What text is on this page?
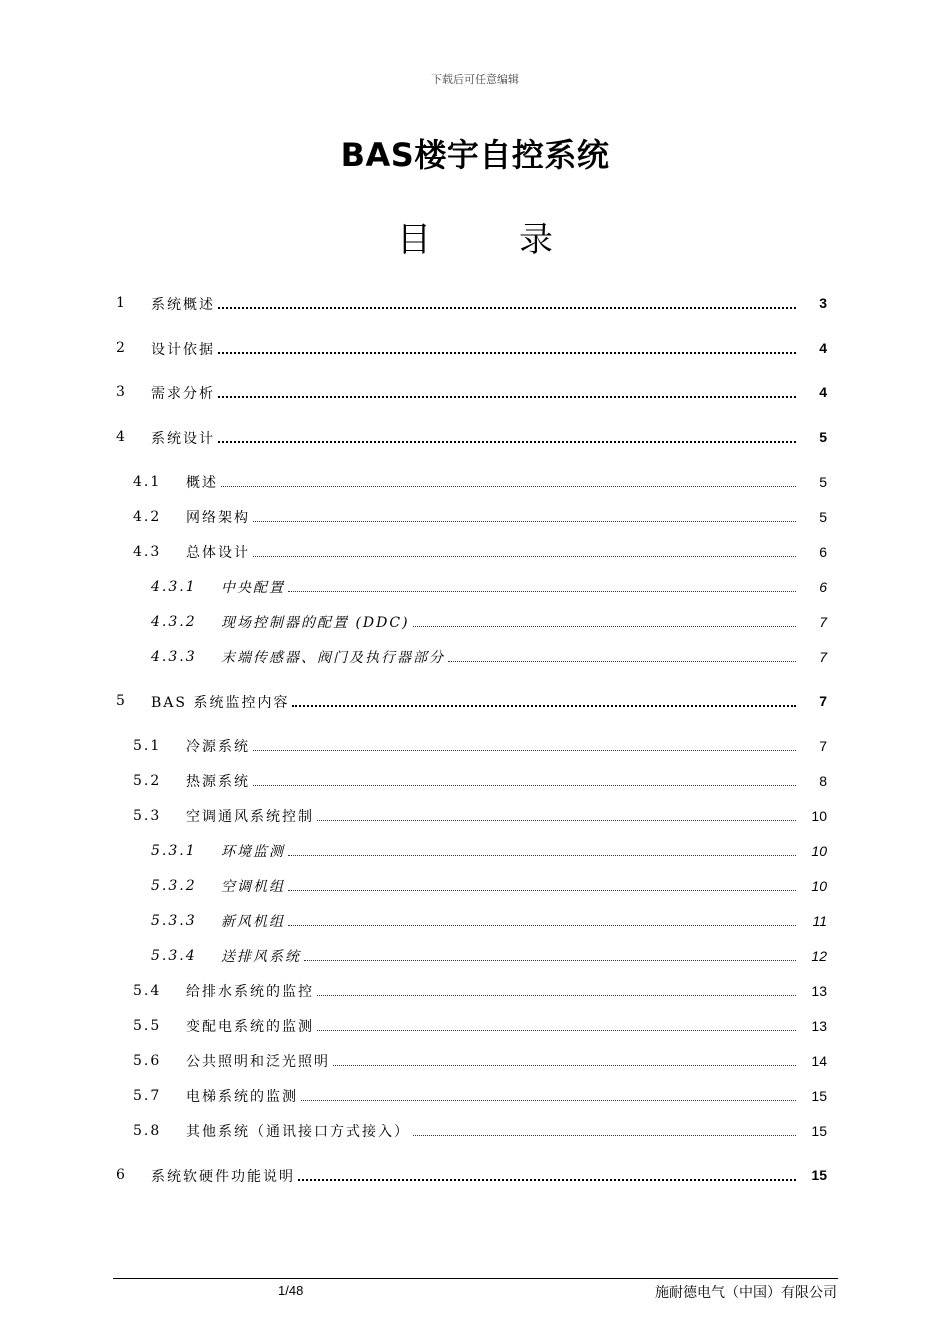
下载后可任意编辑
BAS楼宇自控系统
目	录
1 系统概述	3
2 设计依据	4
3 需求分析	4
4 系统设计	5
4.1 概述	5
4.2 网络架构	5
4.3 总体设计	6
4.3.1 中央配置	6
4.3.2 现场控制器的配置 (DDC)	7
4.3.3 末端传感器、阀门及执行器部分	7
5 BAS 系统监控内容	7
5.1 冷源系统	7
5.2 热源系统	8
5.3 空调通风系统控制	10
5.3.1 环境监测	10
5.3.2 空调机组	10
5.3.3 新风机组	11
5.3.4 送排风系统	12
5.4 给排水系统的监控	13
5.5 变配电系统的监测	13
5.6 公共照明和泛光照明	14
5.7 电梯系统的监测	15
5.8 其他系统（通讯接口方式接入）	15
6 系统软硬件功能说明	15
1/48	施耐德电气（中国）有限公司
